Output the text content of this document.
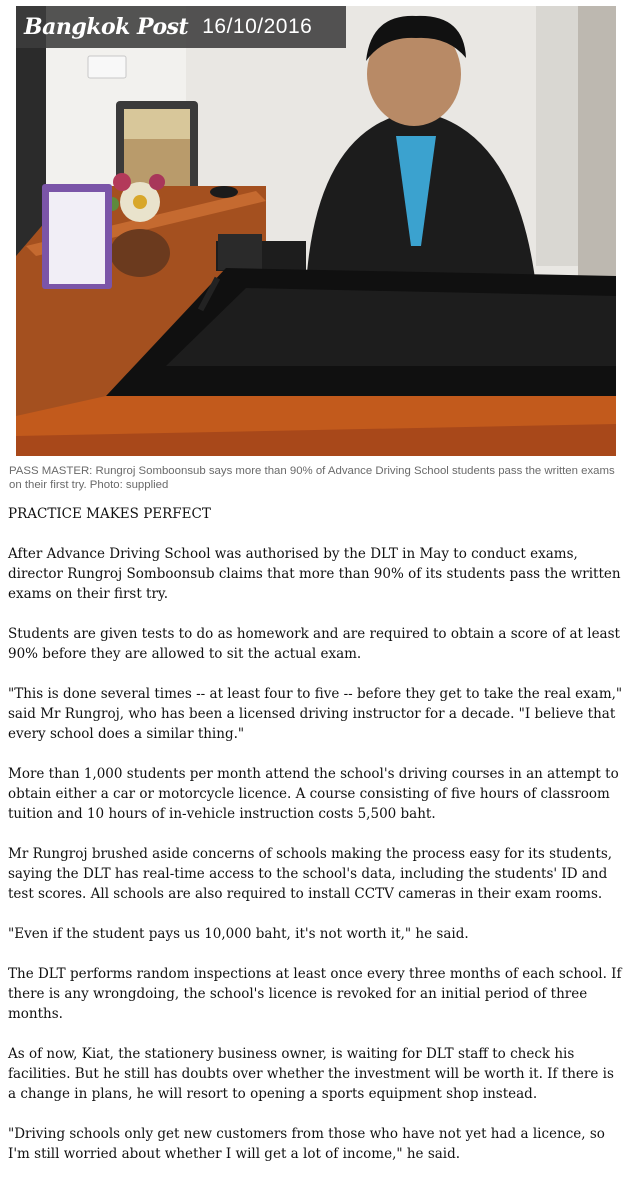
Bangkok Post 16/10/2016
PASS MASTER: Rungroj Somboonsub says more than 90% of Advance Driving School students pass the written exams on their first try. Photo: supplied
PRACTICE MAKES PERFECT

After Advance Driving School was authorised by the DLT in May to conduct exams, director Rungroj Somboonsub claims that more than 90% of its students pass the written exams on their first try.

Students are given tests to do as homework and are required to obtain a score of at least 90% before they are allowed to sit the actual exam.

"This is done several times -- at least four to five -- before they get to take the real exam," said Mr Rungroj, who has been a licensed driving instructor for a decade. "I believe that every school does a similar thing."

More than 1,000 students per month attend the school's driving courses in an attempt to obtain either a car or motorcycle licence. A course consisting of five hours of classroom tuition and 10 hours of in-vehicle instruction costs 5,500 baht.

Mr Rungroj brushed aside concerns of schools making the process easy for its students, saying the DLT has real-time access to the school's data, including the students' ID and test scores. All schools are also required to install CCTV cameras in their exam rooms.

"Even if the student pays us 10,000 baht, it's not worth it," he said.

The DLT performs random inspections at least once every three months of each school. If there is any wrongdoing, the school's licence is revoked for an initial period of three months.

As of now, Kiat, the stationery business owner, is waiting for DLT staff to check his facilities. But he still has doubts over whether the investment will be worth it. If there is a change in plans, he will resort to opening a sports equipment shop instead.

"Driving schools only get new customers from those who have not yet had a licence, so I'm still worried about whether I will get a lot of income," he said.
